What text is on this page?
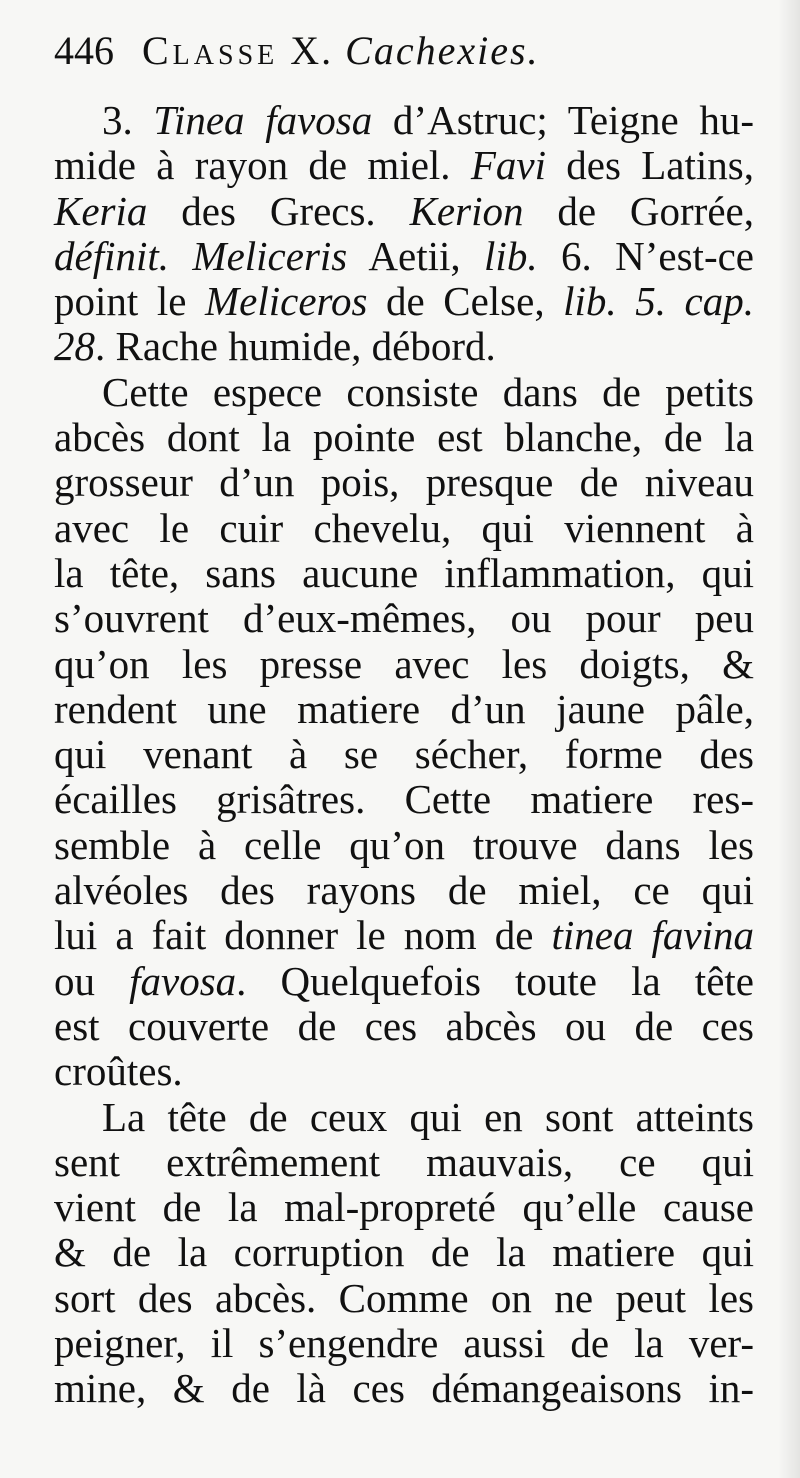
446 Classe X. Cachexies.
3. Tinea favosa d’Astruc; Teigne hu-
mide à rayon de miel. Favi des Latins,
Keria des Grecs. Kerion de Gorrée,
définit. Meliceris Aetii, lib. 6. N’est-ce
point le Meliceros de Celse, lib. 5. cap.
28. Rache humide, débord.
Cette espece consiste dans de petits
abcès dont la pointe est blanche, de la
grosseur d’un pois, presque de niveau
avec le cuir chevelu, qui viennent à
la tête, sans aucune inflammation, qui
s’ouvrent d’eux-mêmes, ou pour peu
qu’on les presse avec les doigts, &
rendent une matiere d’un jaune pâle,
qui venant à se sécher, forme des
écailles grisâtres. Cette matiere res-
semble à celle qu’on trouve dans les
alvéoles des rayons de miel, ce qui
lui a fait donner le nom de tinea favina
ou favosa. Quelquefois toute la tête
est couverte de ces abcès ou de ces
croûtes.
La tête de ceux qui en sont atteints
sent extrêmement mauvais, ce qui
vient de la mal-propreté qu’elle cause
& de la corruption de la matiere qui
sort des abcès. Comme on ne peut les
peigner, il s’engendre aussi de la ver-
mine, & de là ces démangeaisons in-
